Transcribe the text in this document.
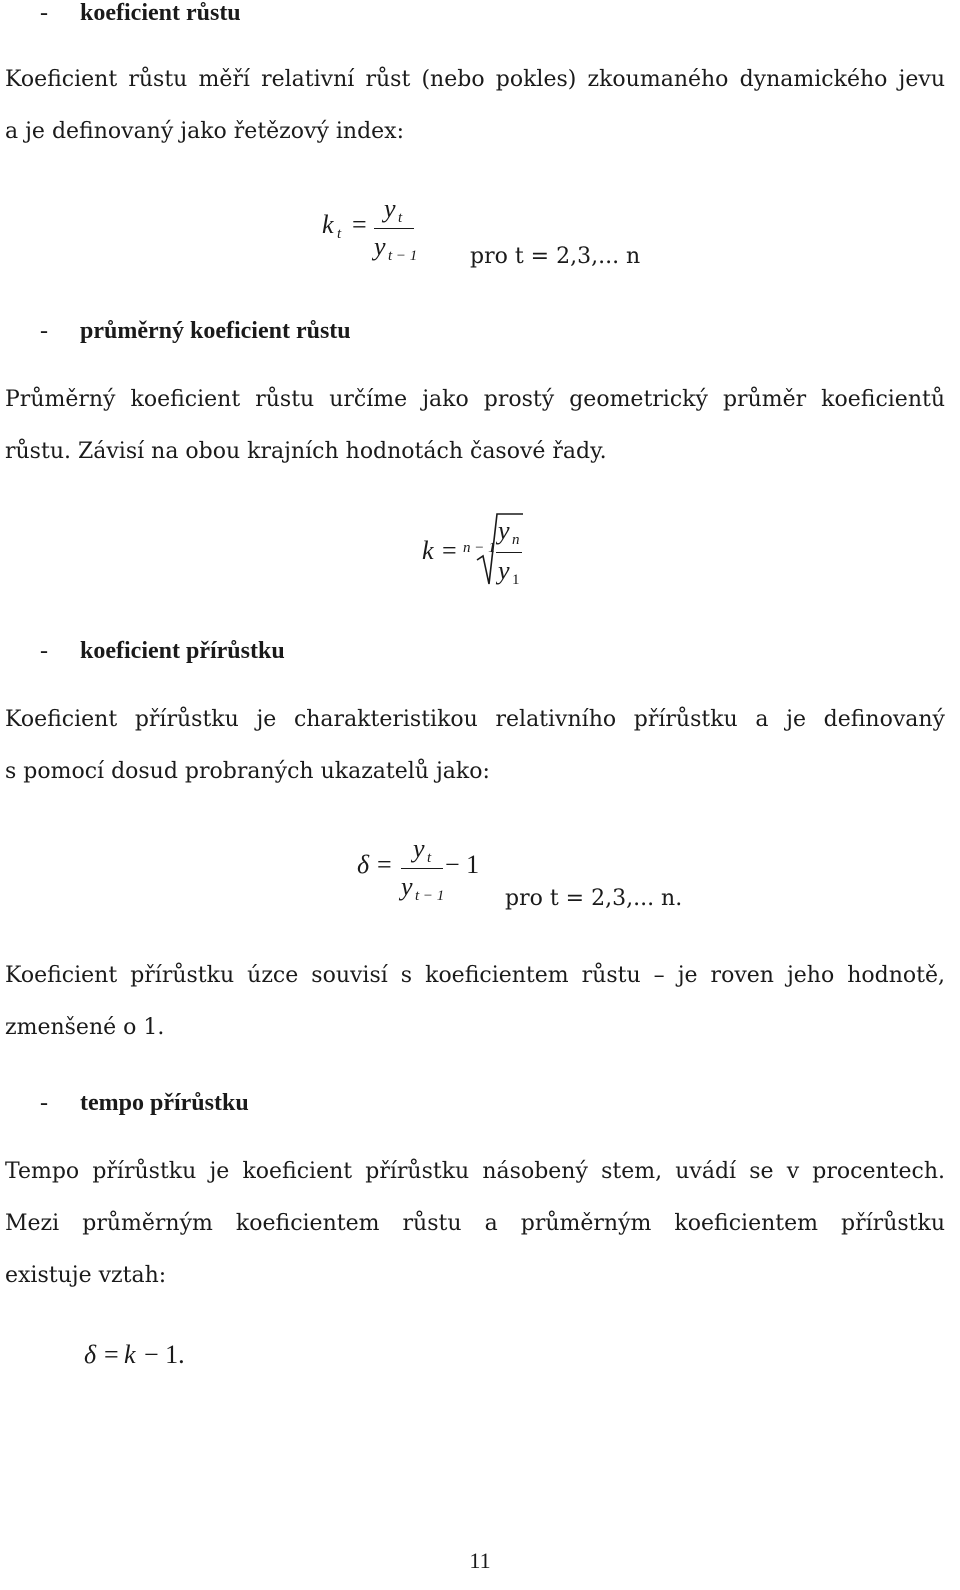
- koeficient růstu
Koeficient růstu měří relativní růst (nebo pokles) zkoumaného dynamického jevu
a je definovaný jako řetězový index:
k t =
y t
y t − 1 pro t = 2,3,... n
- průměrný koeficient růstu
Průměrný koeficient růstu určíme jako prostý geometrický průměr koeficientů
růstu. Závisí na obou krajních hodnotách časové řady.
k = n − 1
y n
y 1
- koeficient přírůstku
Koeficient přírůstku je charakteristikou relativního přírůstku a je definovaný
s pomocí dosud probraných ukazatelů jako:
δ =
y t
y t − 1
− 1
pro t = 2,3,... n.
Koeficient přírůstku úzce souvisí s koeficientem růstu – je roven jeho hodnotě,
zmenšené o 1.
- tempo přírůstku
Tempo přírůstku je koeficient přírůstku násobený stem, uvádí se v procentech.
Mezi průměrným koeficientem růstu a průměrným koeficientem přírůstku
existuje vztah:
δ = k − 1.
11
